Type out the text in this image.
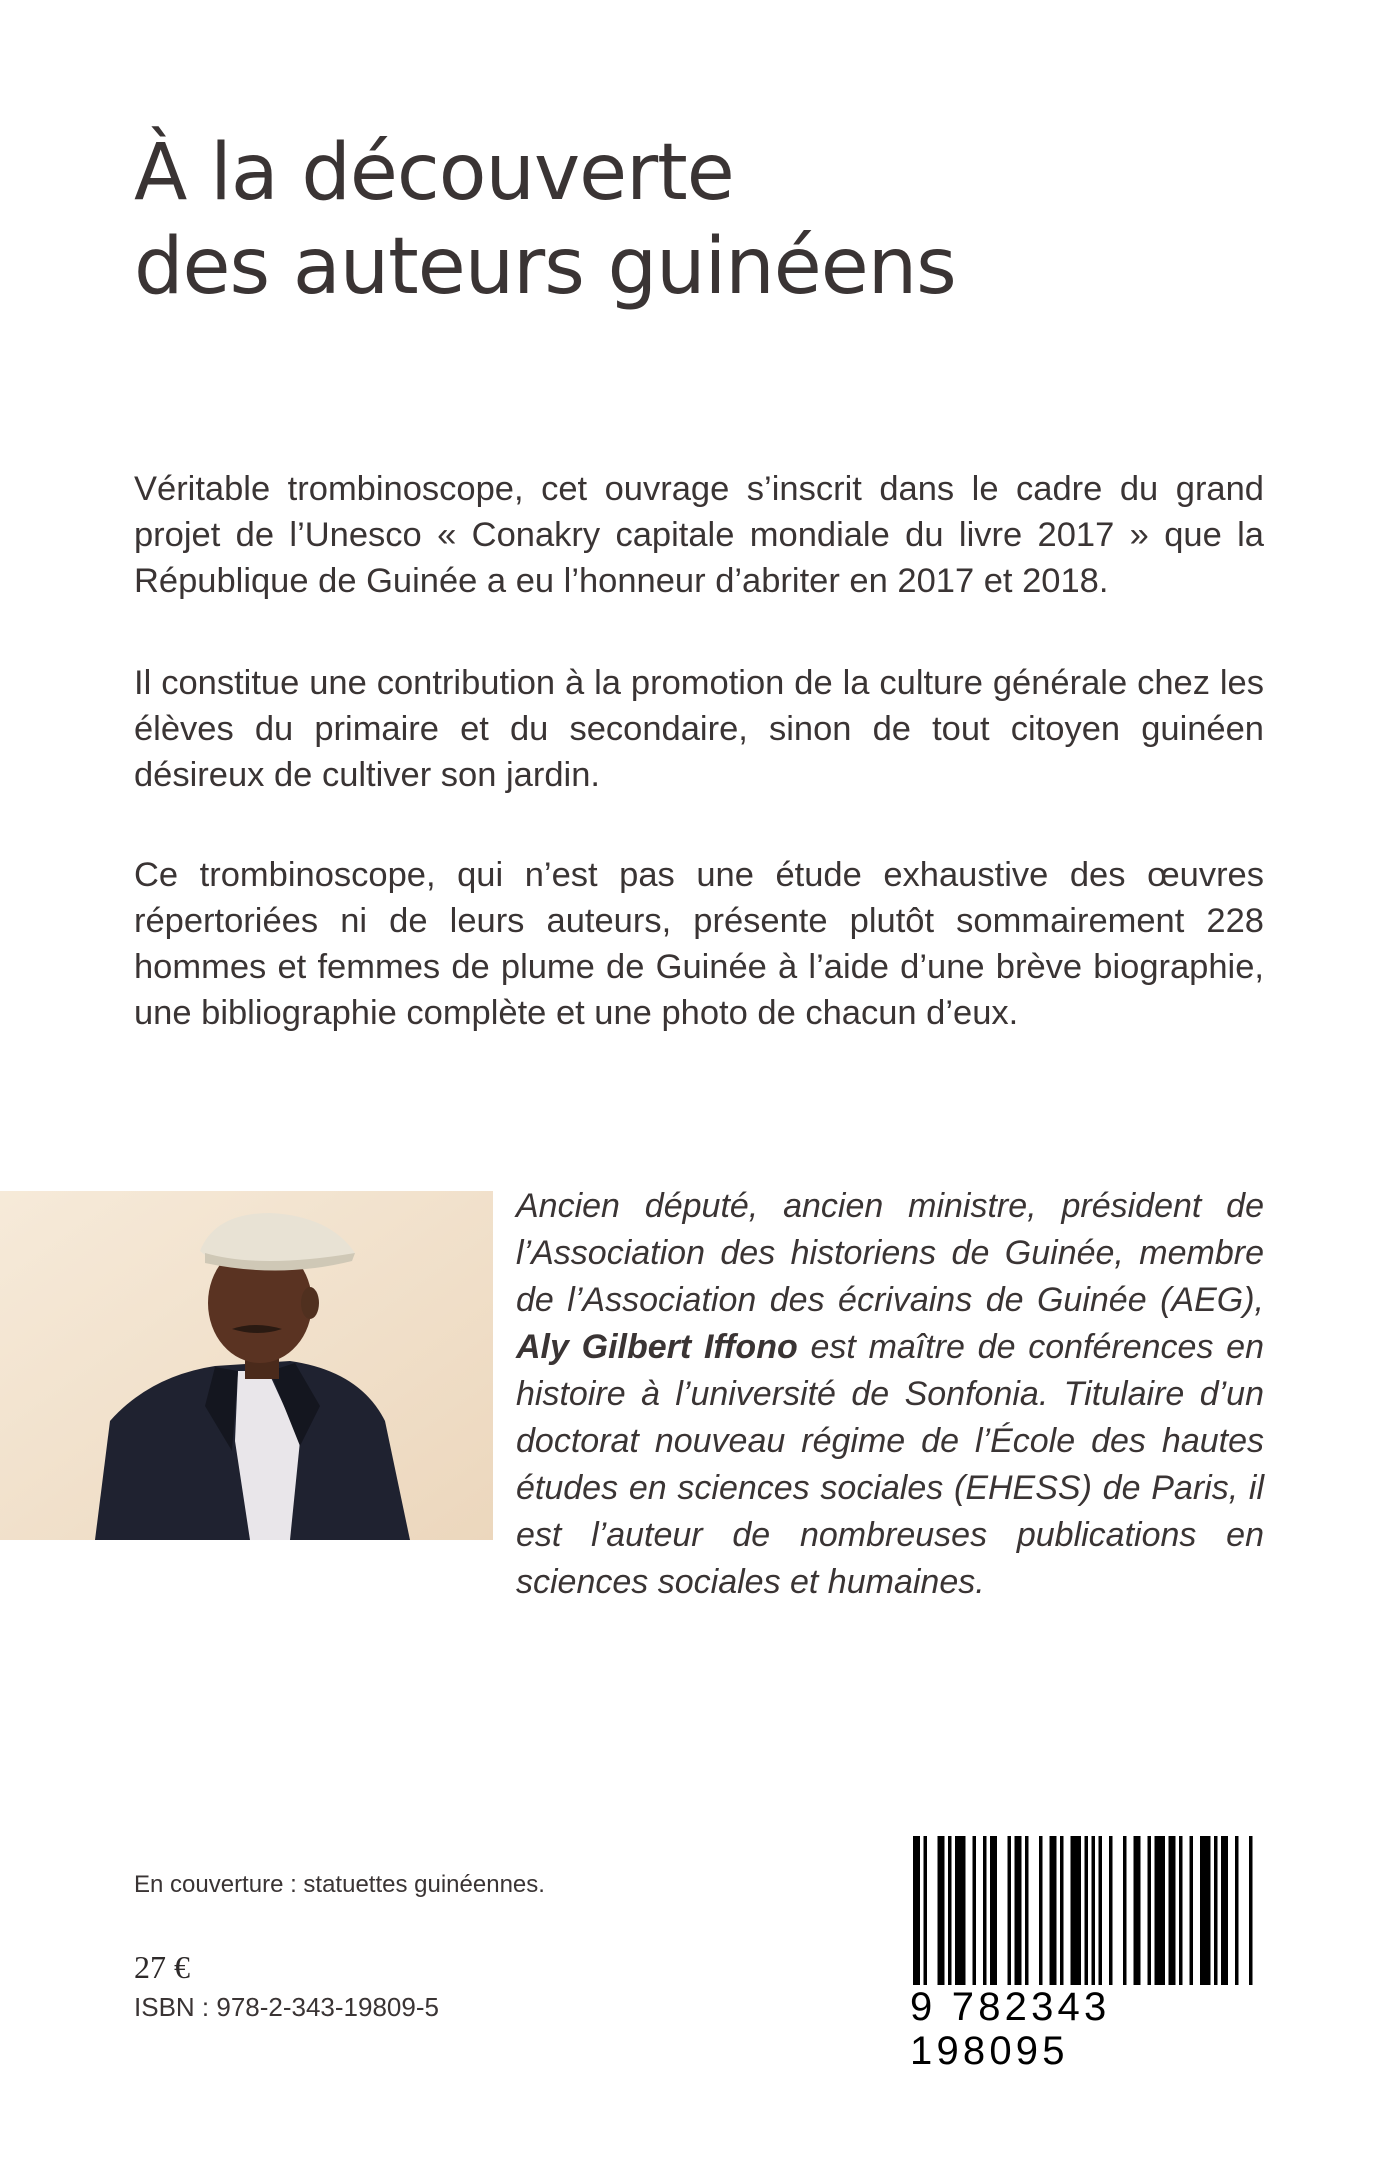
À la découverte
des auteurs guinéens

Véritable trombinoscope, cet ouvrage s’inscrit dans le cadre du grand projet de l’Unesco « Conakry capitale mondiale du livre 2017 » que la République de Guinée a eu l’honneur d’abriter en 2017 et 2018.

Il constitue une contribution à la promotion de la culture générale chez les élèves du primaire et du secondaire, sinon de tout citoyen guinéen désireux de cultiver son jardin.

Ce trombinoscope, qui n’est pas une étude exhaustive des œuvres répertoriées ni de leurs auteurs, présente plutôt sommairement 228 hommes et femmes de plume de Guinée à l’aide d’une brève biographie, une bibliographie complète et une photo de chacun d’eux.

Ancien député, ancien ministre, président de l’Association des historiens de Guinée, membre de l’Association des écrivains de Guinée (AEG), Aly Gilbert Iffono est maître de conférences en histoire à l’université de Sonfonia. Titulaire d’un doctorat nouveau régime de l’École des hautes études en sciences sociales (EHESS) de Paris, il est l’auteur de nombreuses publications en sciences sociales et humaines.

En couverture : statuettes guinéennes.
27 €
ISBN : 978-2-343-19809-5	9 782343 198095
